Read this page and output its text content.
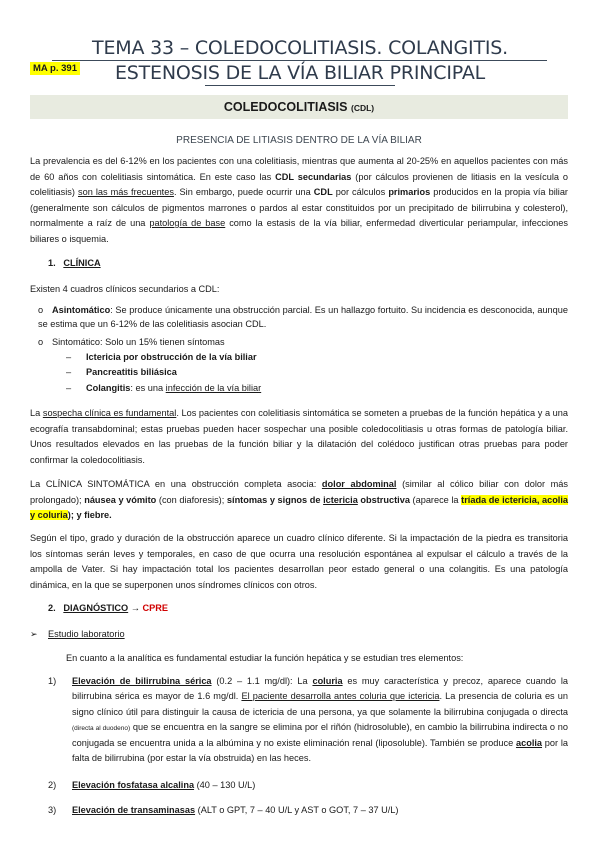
TEMA 33 – COLEDOCOLITIASIS. COLANGITIS. ESTENOSIS DE LA VÍA BILIAR PRINCIPAL
MA p. 391
COLEDOCOLITIASIS (CDL)
PRESENCIA DE LITIASIS DENTRO DE LA VÍA BILIAR
La prevalencia es del 6-12% en los pacientes con una colelitiasis, mientras que aumenta al 20-25% en aquellos pacientes con más de 60 años con colelitiasis sintomática. En este caso las CDL secundarias (por cálculos provienen de litiasis en la vesícula o colelitiasis) son las más frecuentes. Sin embargo, puede ocurrir una CDL por cálculos primarios producidos en la propia vía biliar (generalmente son cálculos de pigmentos marrones o pardos al estar constituidos por un precipitado de bilirrubina y colesterol), normalmente a raíz de una patología de base como la estasis de la vía biliar, enfermedad diverticular periampular, infecciones biliares o isquemia.
1. CLÍNICA
Existen 4 cuadros clínicos secundarios a CDL:
o Asintomático: Se produce únicamente una obstrucción parcial. Es un hallazgo fortuito. Su incidencia es desconocida, aunque se estima que un 6-12% de las colelitiasis asocian CDL.
o Sintomático: Solo un 15% tienen síntomas
– Ictericia por obstrucción de la vía biliar
– Pancreatitis biliásica
– Colangitis: es una infección de la vía biliar
La sospecha clínica es fundamental. Los pacientes con colelitiasis sintomática se someten a pruebas de la función hepática y a una ecografía transabdominal; estas pruebas pueden hacer sospechar una posible coledocolitiasis u otras formas de patología biliar. Unos resultados elevados en las pruebas de la función biliar y la dilatación del colédoco justifican otras pruebas para poder confirmar la coledocolitiasis.
La CLÍNICA SINTOMÁTICA en una obstrucción completa asocia: dolor abdominal (similar al cólico biliar con dolor más prolongado); náusea y vómito (con diaforesis); síntomas y signos de ictericia obstructiva (aparece la tríada de ictericia, acolia y coluria); y fiebre.
Según el tipo, grado y duración de la obstrucción aparece un cuadro clínico diferente. Si la impactación de la piedra es transitoria los síntomas serán leves y temporales, en caso de que ocurra una resolución espontánea al expulsar el cálculo a través de la ampolla de Vater. Si hay impactación total los pacientes desarrollan peor estado general o una colangitis. Es una patología dinámica, en la que se superponen unos síndromes clínicos con otros.
2. DIAGNÓSTICO → CPRE
➢ Estudio laboratorio
En cuanto a la analítica es fundamental estudiar la función hepática y se estudian tres elementos:
1) Elevación de bilirrubina sérica (0.2 – 1.1 mg/dl): La coluria es muy característica y precoz, aparece cuando la bilirrubina sérica es mayor de 1.6 mg/dl. El paciente desarrolla antes coluria que ictericia. La presencia de coluria es un signo clínico útil para distinguir la causa de ictericia de una persona, ya que solamente la bilirrubina conjugada o directa (directa al duodeno) que se encuentra en la sangre se elimina por el riñón (hidrosoluble), en cambio la bilirrubina indirecta o no conjugada se encuentra unida a la albúmina y no existe eliminación renal (liposoluble). También se produce acolia por la falta de bilirrubina (por estar la vía obstruida) en las heces.
2) Elevación fosfatasa alcalina (40 – 130 U/L)
3) Elevación de transaminasas (ALT o GPT, 7 – 40 U/L y AST o GOT, 7 – 37 U/L)
